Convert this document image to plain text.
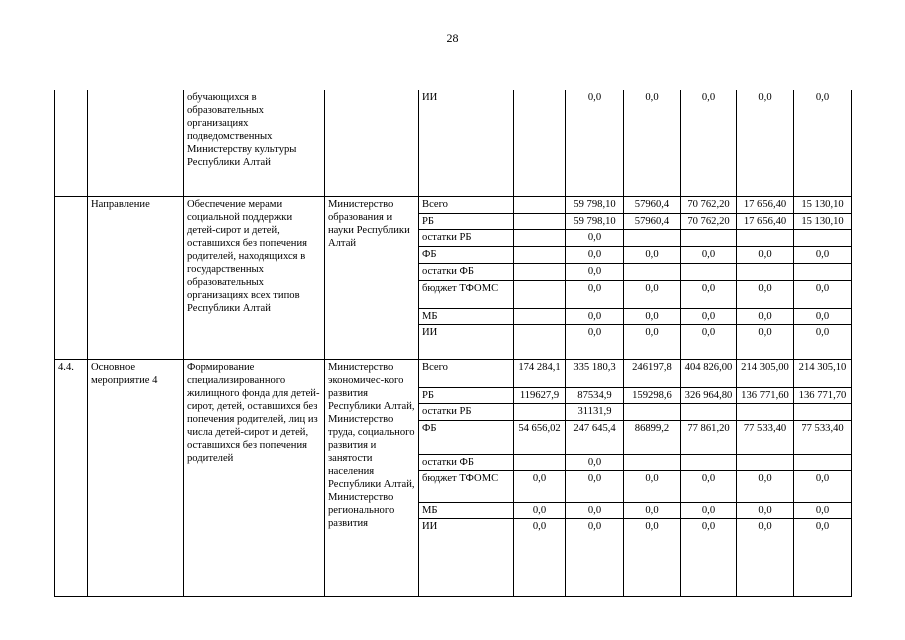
28
		обучающихся в образовательных организациях подведомственных Министерству культуры Республики Алтай		ИИ		0,0	0,0	0,0	0,0	0,0
	Направление	Обеспечение мерами социальной поддержки детей-сирот и детей, оставшихся без попечения родителей, находящихся в государственных образовательных организациях всех типов Республики Алтай	Министерство образования и науки Республики Алтай	Всего		59 798,10	57960,4	70 762,20	17 656,40	15 130,10
				РБ		59 798,10	57960,4	70 762,20	17 656,40	15 130,10
				остатки РБ		0,0				
				ФБ		0,0	0,0	0,0	0,0	0,0
				остатки ФБ		0,0				
				бюджет ТФОМС		0,0	0,0	0,0	0,0	0,0
				МБ		0,0	0,0	0,0	0,0	0,0
				ИИ		0,0	0,0	0,0	0,0	0,0
4.4.	Основное мероприятие 4	Формирование специализированного жилищного фонда для детей-сирот, детей, оставшихся без попечения родителей, лиц из числа детей-сирот и детей, оставшихся без попечения родителей	Министерство экономичес-кого развития Республики Алтай, Министерство труда, социального развития и занятости населения Республики Алтай, Министерство регионального развития	Всего	174 284,1	335 180,3	246197,8	404 826,00	214 305,00	214 305,10
				РБ	119627,9	87534,9	159298,6	326 964,80	136 771,60	136 771,70
				остатки РБ		31131,9				
				ФБ	54 656,02	247 645,4	86899,2	77 861,20	77 533,40	77 533,40
				остатки ФБ		0,0				
				бюджет ТФОМС	0,0	0,0	0,0	0,0	0,0	0,0
				МБ	0,0	0,0	0,0	0,0	0,0	0,0
				ИИ	0,0	0,0	0,0	0,0	0,0	0,0
